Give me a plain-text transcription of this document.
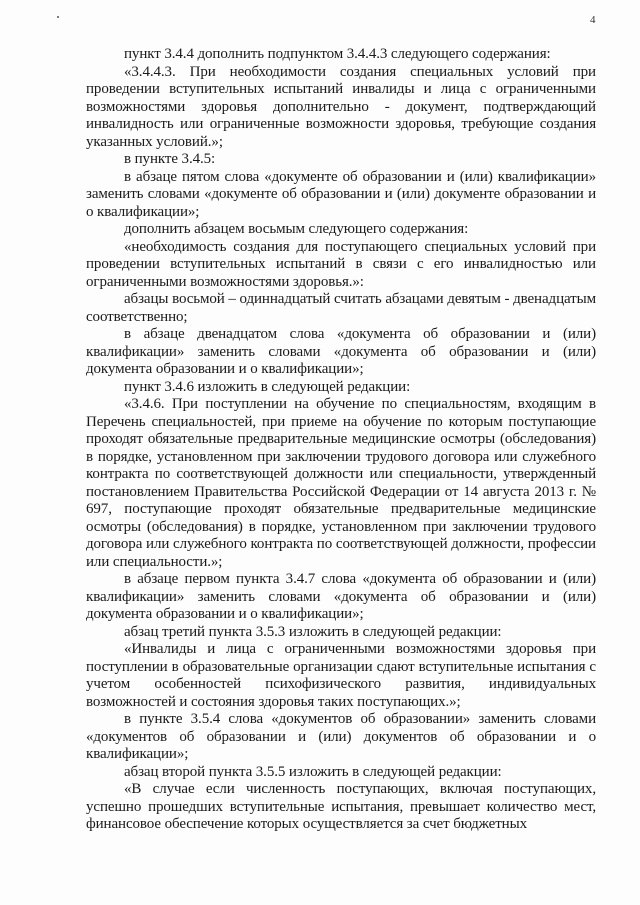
4

пункт 3.4.4 дополнить подпунктом 3.4.4.3 следующего содержания:

«3.4.4.3. При необходимости создания специальных условий при проведении вступительных испытаний инвалиды и лица с ограниченными возможностями здоровья дополнительно - документ, подтверждающий инвалидность или ограниченные возможности здоровья, требующие создания указанных условий.»;

в пункте 3.4.5:

в абзаце пятом слова «документе об образовании и (или) квалификации» заменить словами «документе об образовании и (или) документе образовании и о квалификации»;

дополнить абзацем восьмым следующего содержания:

«необходимость создания для поступающего специальных условий при проведении вступительных испытаний в связи с его инвалидностью или ограниченными возможностями здоровья.»:

абзацы восьмой – одиннадцатый считать абзацами девятым - двенадцатым соответственно;

в абзаце двенадцатом слова «документа об образовании и (или) квалификации» заменить словами «документа об образовании и (или) документа образовании и о квалификации»;

пункт 3.4.6 изложить в следующей редакции:

«3.4.6. При поступлении на обучение по специальностям, входящим в Перечень специальностей, при приеме на обучение по которым поступающие проходят обязательные предварительные медицинские осмотры (обследования) в порядке, установленном при заключении трудового договора или служебного контракта по соответствующей должности или специальности, утвержденный постановлением Правительства Российской Федерации от 14 августа 2013 г. № 697, поступающие проходят обязательные предварительные медицинские осмотры (обследования) в порядке, установленном при заключении трудового договора или служебного контракта по соответствующей должности, профессии или специальности.»;

в абзаце первом пункта 3.4.7 слова «документа об образовании и (или) квалификации» заменить словами «документа об образовании и (или) документа образовании и о квалификации»;

абзац третий пункта 3.5.3 изложить в следующей редакции:

«Инвалиды и лица с ограниченными возможностями здоровья при поступлении в образовательные организации сдают вступительные испытания с учетом особенностей психофизического развития, индивидуальных возможностей и состояния здоровья таких поступающих.»;

в пункте 3.5.4 слова «документов об образовании» заменить словами «документов об образовании и (или) документов об образовании и о квалификации»;

абзац второй пункта 3.5.5 изложить в следующей редакции:

«В случае если численность поступающих, включая поступающих, успешно прошедших вступительные испытания, превышает количество мест, финансовое обеспечение которых осуществляется за счет бюджетных
